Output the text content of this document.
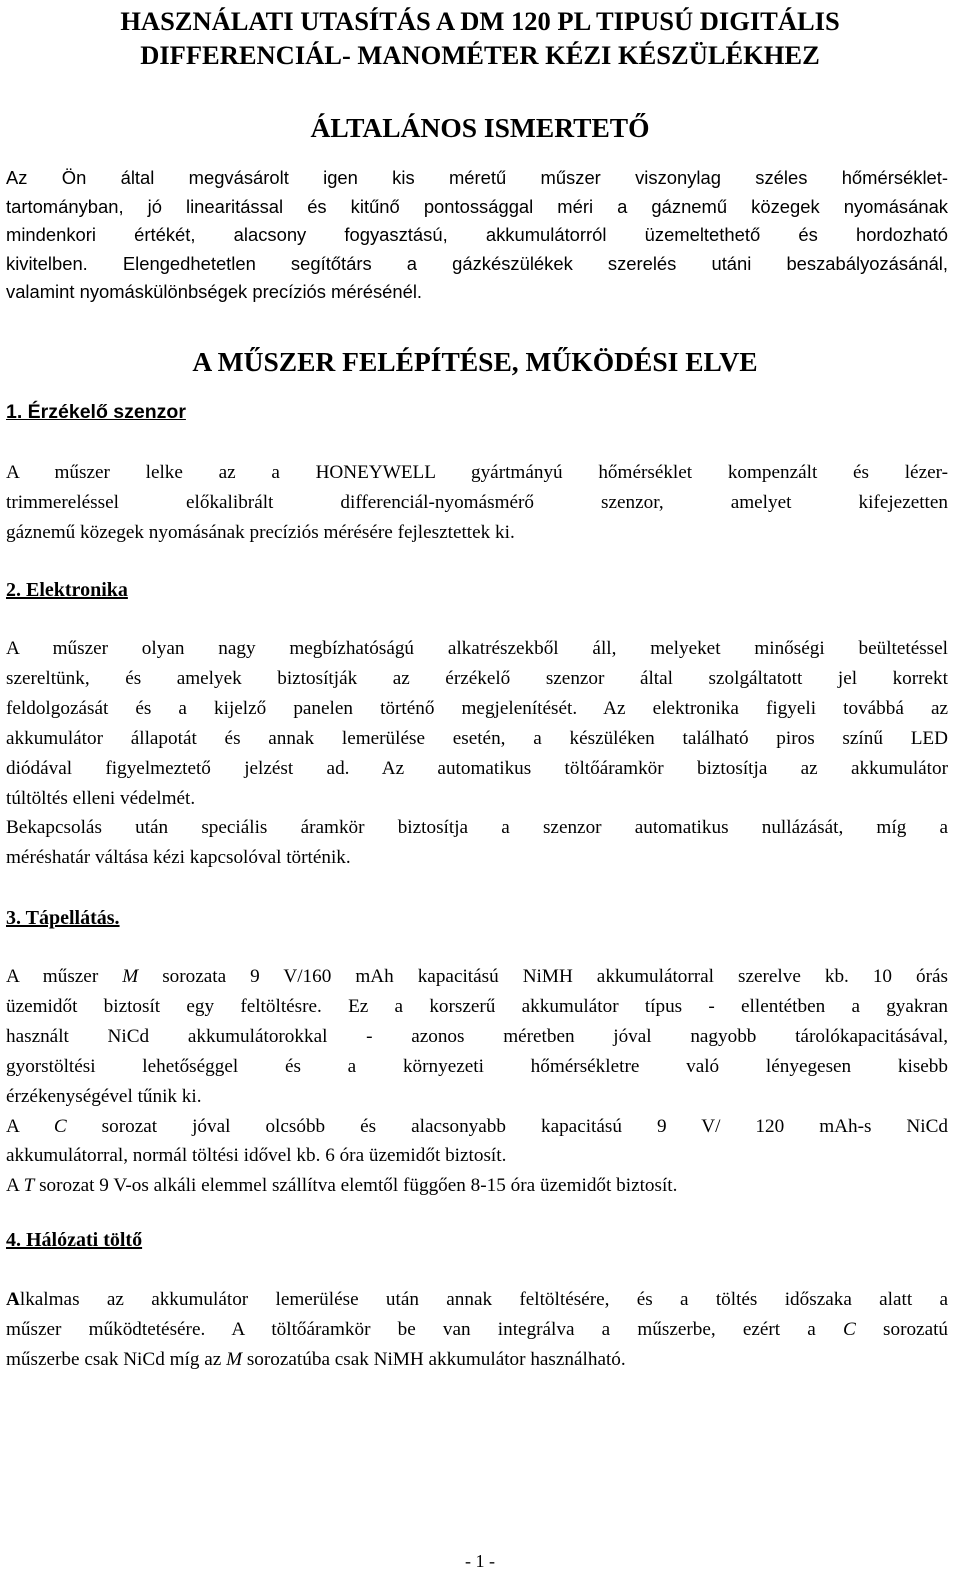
HASZNÁLATI UTASÍTÁS A DM 120 PL TIPUSÚ DIGITÁLIS
DIFFERENCIÁL- MANOMÉTER KÉZI KÉSZÜLÉKHEZ
ÁLTALÁNOS ISMERTETŐ
Az Ön által megvásárolt igen kis méretű műszer viszonylag széles hőmérséklet-
tartományban, jó linearitással és kitűnő pontossággal méri a gáznemű közegek nyomásának
mindenkori értékét, alacsony fogyasztású, akkumulátorról üzemeltethető és hordozható
kivitelben. Elengedhetetlen segítőtárs a gázkészülékek szerelés utáni beszabályozásánál,
valamint nyomáskülönbségek precíziós mérésénél.
A MŰSZER FELÉPÍTÉSE, MŰKÖDÉSI ELVE
1. Érzékelő szenzor
A műszer lelke az a HONEYWELL gyártmányú hőmérséklet kompenzált és lézer-
trimmereléssel előkalibrált differenciál-nyomásmérő szenzor, amelyet kifejezetten
gáznemű közegek nyomásának precíziós mérésére fejlesztettek ki.
2. Elektronika
A műszer olyan nagy megbízhatóságú alkatrészekből áll, melyeket minőségi beültetéssel
szereltünk, és amelyek biztosítják az érzékelő szenzor által szolgáltatott jel korrekt
feldolgozását és a kijelző panelen történő megjelenítését. Az elektronika figyeli továbbá az
akkumulátor állapotát és annak lemerülése esetén, a készüléken található piros színű LED
diódával figyelmeztető jelzést ad. Az automatikus töltőáramkör biztosítja az akkumulátor
túltöltés elleni védelmét.
Bekapcsolás után speciális áramkör biztosítja a szenzor automatikus nullázását, míg a
méréshatár váltása kézi kapcsolóval történik.
3. Tápellátás.
A műszer M sorozata 9 V/160 mAh kapacitású NiMH akkumulátorral szerelve kb. 10 órás
üzemidőt biztosít egy feltöltésre. Ez a korszerű akkumulátor típus - ellentétben a gyakran
használt NiCd akkumulátorokkal - azonos méretben jóval nagyobb tárolókapacitásával,
gyorstöltési lehetőséggel és a környezeti hőmérsékletre való lényegesen kisebb
érzékenységével tűnik ki.
A C sorozat jóval olcsóbb és alacsonyabb kapacitású 9 V/ 120 mAh-s NiCd
akkumulátorral, normál töltési idővel kb. 6 óra üzemidőt biztosít.
A T sorozat 9 V-os alkáli elemmel szállítva elemtől függően 8-15 óra üzemidőt biztosít.
4. Hálózati töltő
Alkalmas az akkumulátor lemerülése után annak feltöltésére, és a töltés időszaka alatt a
műszer működtetésére. A töltőáramkör be van integrálva a műszerbe, ezért a C sorozatú
műszerbe csak NiCd míg az M sorozatúba csak NiMH akkumulátor használható.
- 1 -
